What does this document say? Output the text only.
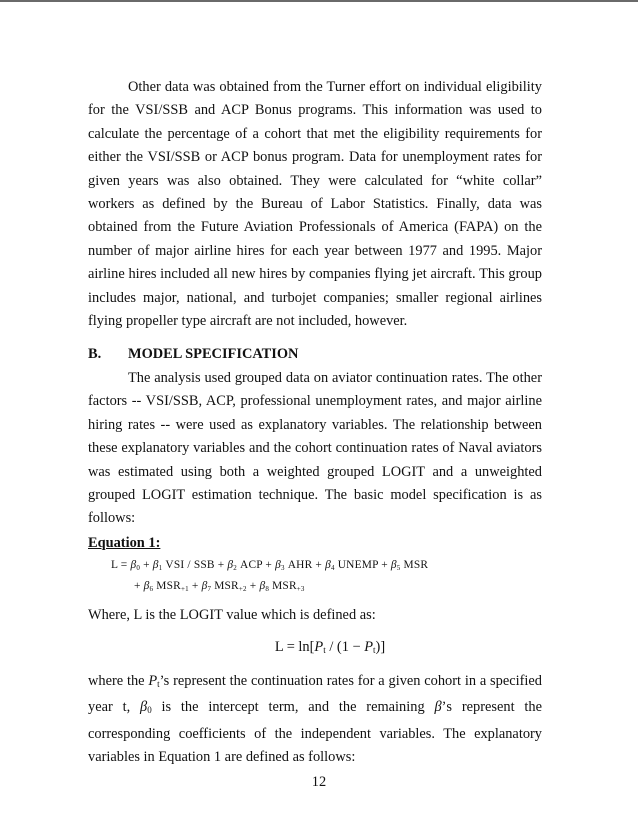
Other data was obtained from the Turner effort on individual eligibility for the VSI/SSB and ACP Bonus programs. This information was used to calculate the percentage of a cohort that met the eligibility requirements for either the VSI/SSB or ACP bonus program. Data for unemployment rates for given years was also obtained. They were calculated for “white collar” workers as defined by the Bureau of Labor Statistics. Finally, data was obtained from the Future Aviation Professionals of America (FAPA) on the number of major airline hires for each year between 1977 and 1995. Major airline hires included all new hires by companies flying jet aircraft. This group includes major, national, and turbojet companies; smaller regional airlines flying propeller type aircraft are not included, however.

B.	MODEL SPECIFICATION

The analysis used grouped data on aviator continuation rates. The other factors -- VSI/SSB, ACP, professional unemployment rates, and major airline hiring rates -- were used as explanatory variables. The relationship between these explanatory variables and the cohort continuation rates of Naval aviators was estimated using both a weighted grouped LOGIT and a unweighted grouped LOGIT estimation technique. The basic model specification is as follows:

Equation 1:
$L = \beta_0 + \beta_1$ VSI / SSB + $\beta_2$ ACP + $\beta_3$ AHR + $\beta_4$ UNEMP + $\beta_5$ MSR
+ $\beta_6$ $MSR_{+1} + \beta_7$ $MSR_{+2} + \beta_8$ $MSR_{+3}$

Where, L is the LOGIT value which is defined as:

$L = \ln[P_t / (1 - P_t)]$

where the $P_t’s$ represent the continuation rates for a given cohort in a specified year t, $\beta_0$ is the intercept term, and the remaining β’s represent the corresponding coefficients of the independent variables. The explanatory variables in Equation 1 are defined as follows:

12
